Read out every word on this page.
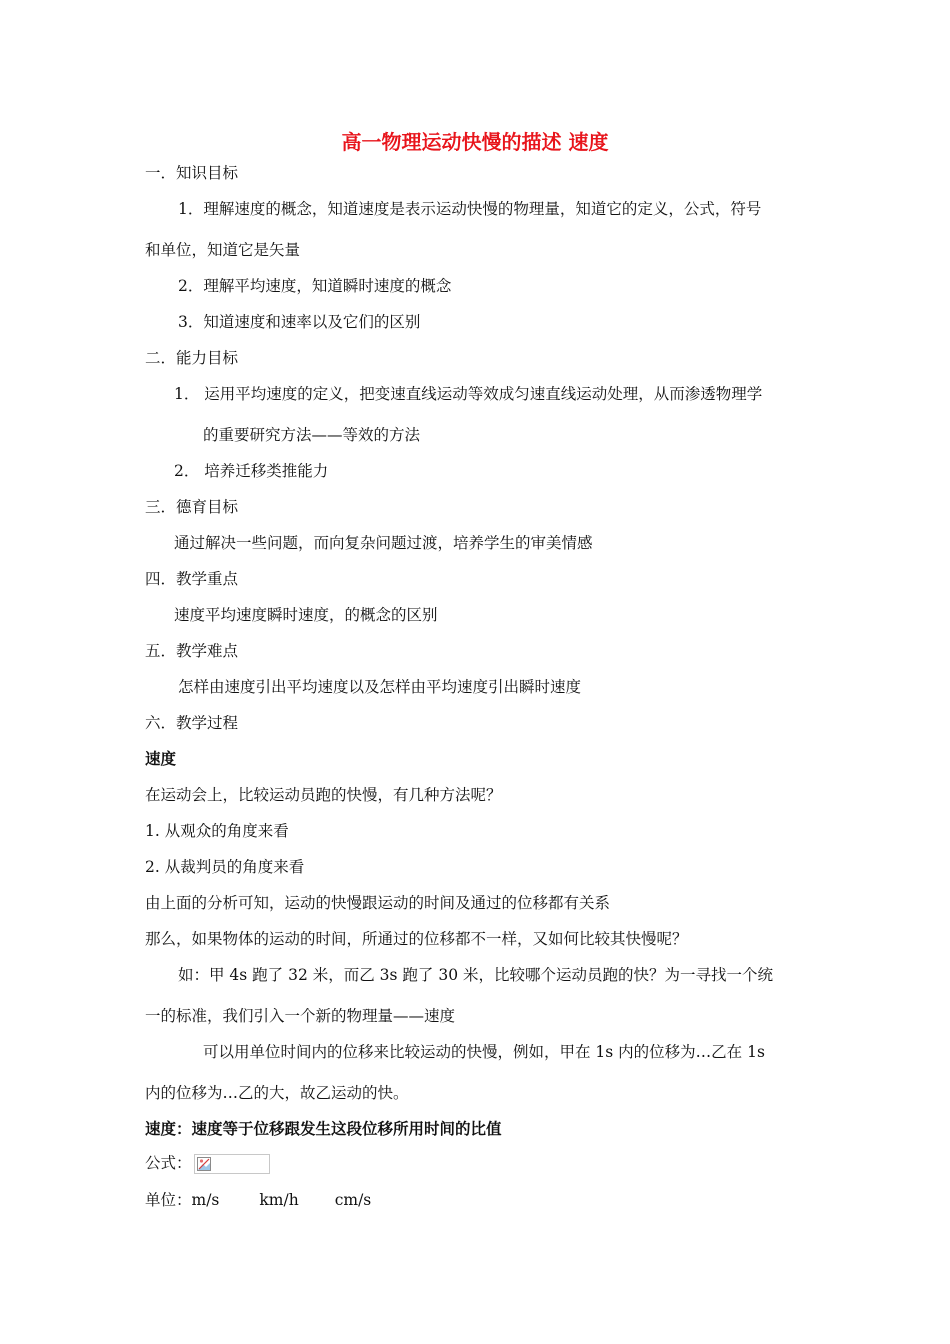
高一物理运动快慢的描述 速度
一．知识目标
1．理解速度的概念，知道速度是表示运动快慢的物理量，知道它的定义，公式，符号
和单位，知道它是矢量
2．理解平均速度，知道瞬时速度的概念
3．知道速度和速率以及它们的区别
二．能力目标
1． 运用平均速度的定义，把变速直线运动等效成匀速直线运动处理，从而渗透物理学
的重要研究方法——等效的方法
2． 培养迁移类推能力
三．德育目标
通过解决一些问题，而向复杂问题过渡，培养学生的审美情感
四．教学重点
速度平均速度瞬时速度，的概念的区别
五．教学难点
怎样由速度引出平均速度以及怎样由平均速度引出瞬时速度
六．教学过程
速度
在运动会上，比较运动员跑的快慢，有几种方法呢？
1. 从观众的角度来看
2. 从裁判员的角度来看
由上面的分析可知，运动的快慢跟运动的时间及通过的位移都有关系
那么，如果物体的运动的时间，所通过的位移都不一样，又如何比较其快慢呢？
如：甲 4s 跑了 32 米，而乙 3s 跑了 30 米，比较哪个运动员跑的快？为一寻找一个统
一的标准，我们引入一个新的物理量——速度
可以用单位时间内的位移来比较运动的快慢，例如，甲在 1s 内的位移为…乙在 1s
内的位移为…乙的大，故乙运动的快。
速度：速度等于位移跟发生这段位移所用时间的比值
公式：
单位：m/s	km/h cm/s
